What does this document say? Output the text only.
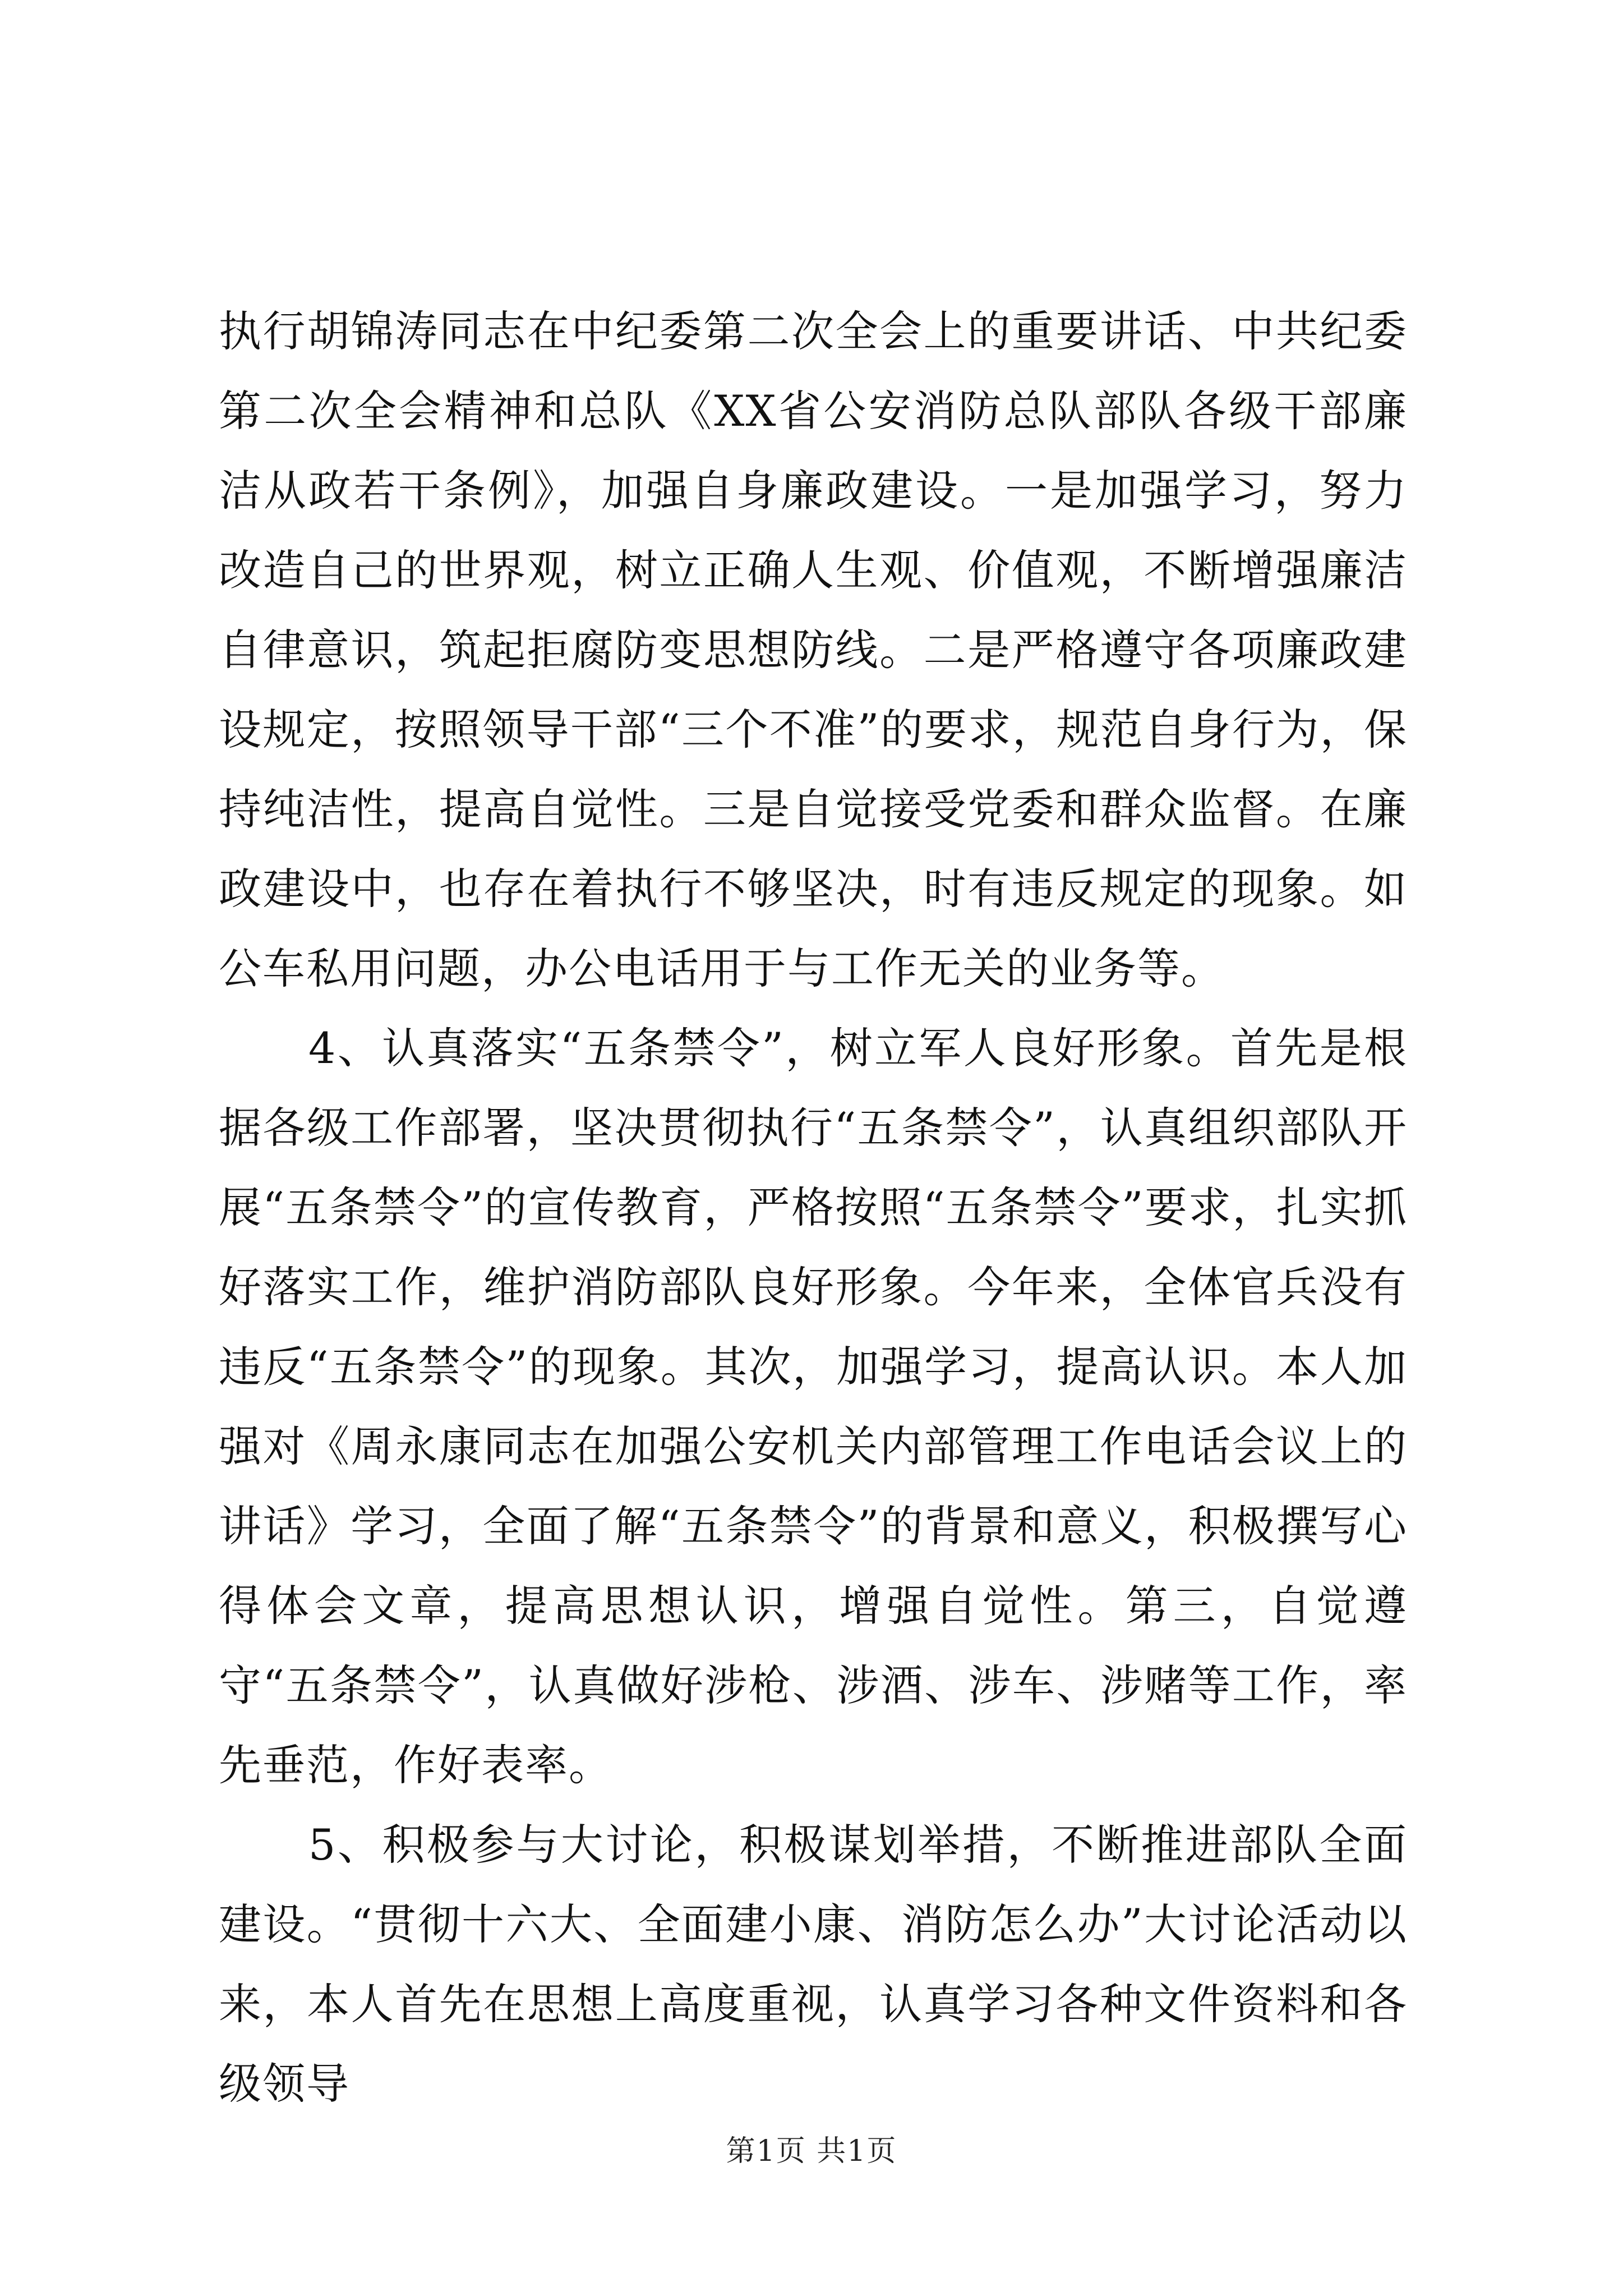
执行胡锦涛同志在中纪委第二次全会上的重要讲话、中共纪委第二次全会精神和总队《XX省公安消防总队部队各级干部廉洁从政若干条例》，加强自身廉政建设。一是加强学习，努力改造自己的世界观，树立正确人生观、价值观，不断增强廉洁自律意识，筑起拒腐防变思想防线。二是严格遵守各项廉政建设规定，按照领导干部“三个不准”的要求，规范自身行为，保持纯洁性，提高自觉性。三是自觉接受党委和群众监督。在廉政建设中，也存在着执行不够坚决，时有违反规定的现象。如公车私用问题，办公电话用于与工作无关的业务等。

4、认真落实“五条禁令”，树立军人良好形象。首先是根据各级工作部署，坚决贯彻执行“五条禁令”，认真组织部队开展“五条禁令”的宣传教育，严格按照“五条禁令”要求，扎实抓好落实工作，维护消防部队良好形象。今年来，全体官兵没有违反“五条禁令”的现象。其次，加强学习，提高认识。本人加强对《周永康同志在加强公安机关内部管理工作电话会议上的讲话》学习，全面了解“五条禁令”的背景和意义，积极撰写心得体会文章，提高思想认识，增强自觉性。第三，自觉遵守“五条禁令”，认真做好涉枪、涉酒、涉车、涉赌等工作，率先垂范，作好表率。

5、积极参与大讨论，积极谋划举措，不断推进部队全面建设。“贯彻十六大、全面建小康、消防怎么办”大讨论活动以来，本人首先在思想上高度重视，认真学习各种文件资料和各级领导

第1页 共1页
